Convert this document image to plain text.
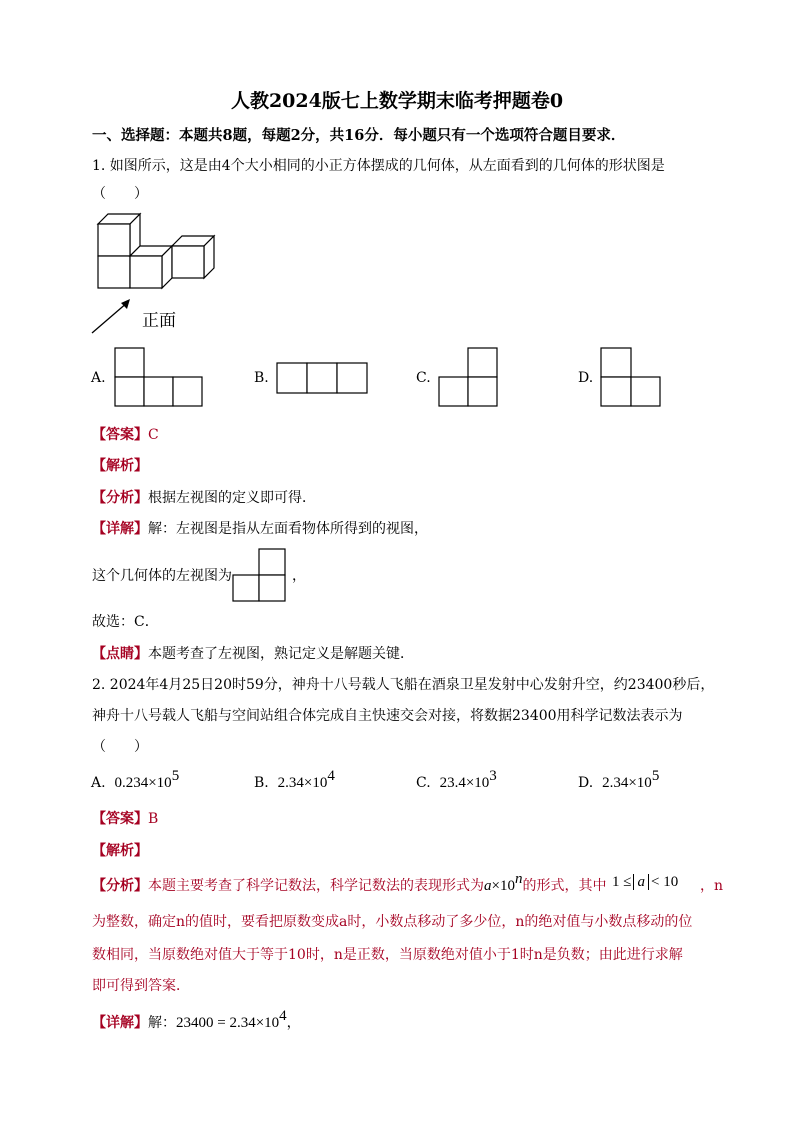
人教2024版七上数学期末临考押题卷0
一、选择题：本题共8题，每题2分，共16分．每小题只有一个选项符合题目要求．
1. 如图所示，这是由4个大小相同的小正方体摆成的几何体，从左面看到的几何体的形状图是
（　　）
正面
A.	B.	C.	D.
【答案】C
【解析】
【分析】根据左视图的定义即可得．
【详解】解：左视图是指从左面看物体所得到的视图，
这个几何体的左视图为	，
故选：C．
【点睛】本题考查了左视图，熟记定义是解题关键．
2. 2024年4月25日20时59分，神舟十八号载人飞船在酒泉卫星发射中心发射升空，约23400秒后，
神舟十八号载人飞船与空间站组合体完成自主快速交会对接，将数据23400用科学记数法表示为
（　　）
A. $0.234\times 10^5$	B. $2.34\times 10^4$	C. $23.4\times 10^3$	D. $2.34\times 10^5$
【答案】B
【解析】
【分析】本题主要考查了科学记数法，科学记数法的表现形式为$a\times 10^n$的形式，其中 1 ≤ a < 10 ，n
为整数，确定n的值时，要看把原数变成a时，小数点移动了多少位，n的绝对值与小数点移动的位
数相同，当原数绝对值大于等于10时，n是正数，当原数绝对值小于1时n是负数；由此进行求解
即可得到答案．
【详解】解：$23400 = 2.34\times 10^4$，
